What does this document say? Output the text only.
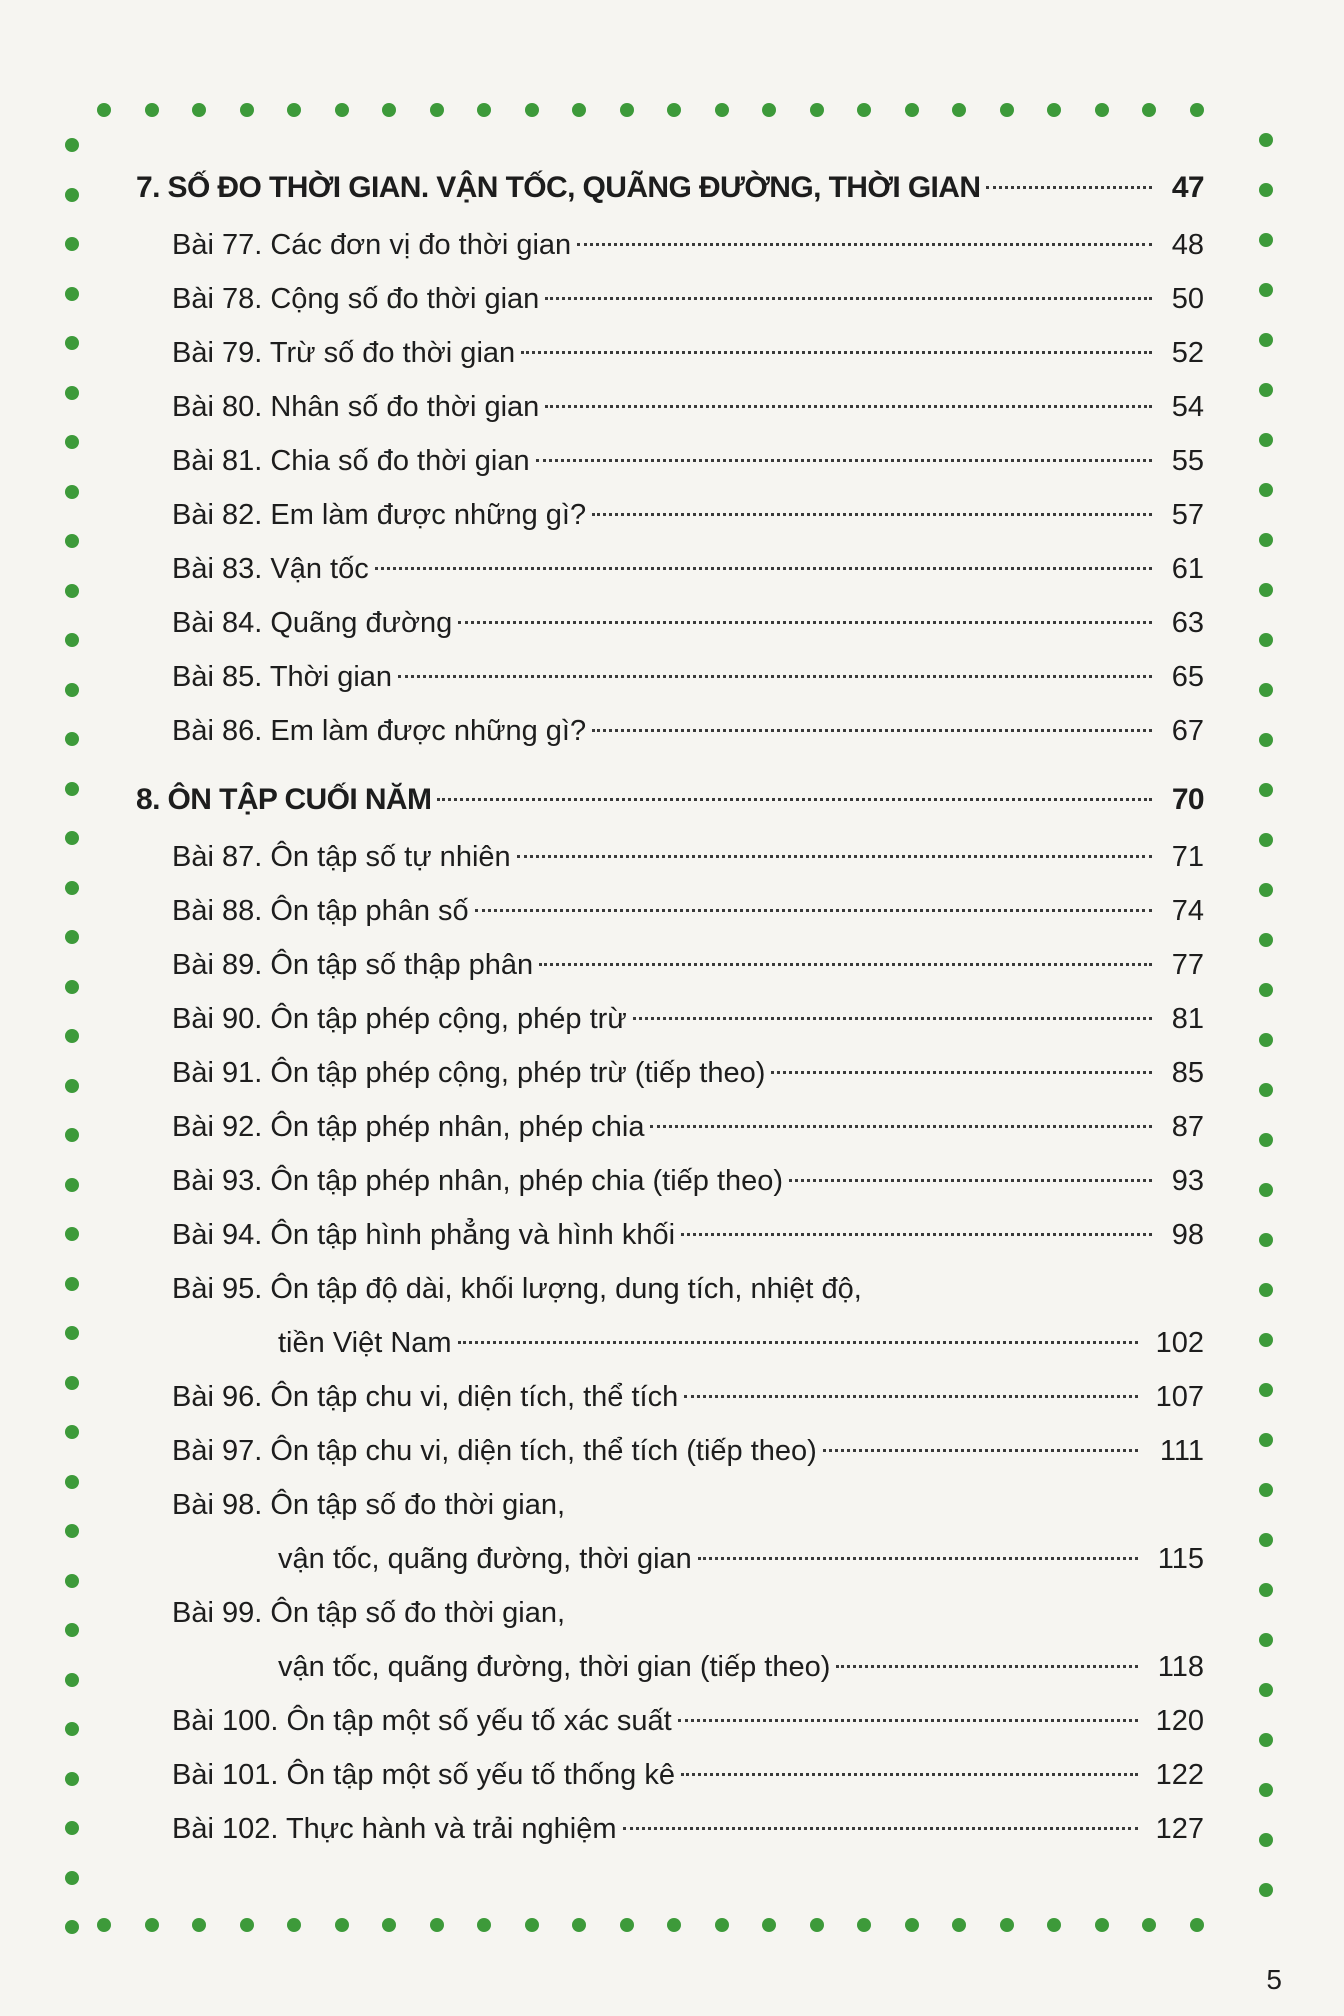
7. SỐ ĐO THỜI GIAN. VẬN TỐC, QUÃNG ĐƯỜNG, THỜI GIAN	47
Bài 77. Các đơn vị đo thời gian	48
Bài 78. Cộng số đo thời gian	50
Bài 79. Trừ số đo thời gian	52
Bài 80. Nhân số đo thời gian	54
Bài 81. Chia số đo thời gian	55
Bài 82. Em làm được những gì?	57
Bài 83. Vận tốc	61
Bài 84. Quãng đường	63
Bài 85. Thời gian	65
Bài 86. Em làm được những gì?	67
8. ÔN TẬP CUỐI NĂM	70
Bài 87. Ôn tập số tự nhiên	71
Bài 88. Ôn tập phân số	74
Bài 89. Ôn tập số thập phân	77
Bài 90. Ôn tập phép cộng, phép trừ	81
Bài 91. Ôn tập phép cộng, phép trừ (tiếp theo)	85
Bài 92. Ôn tập phép nhân, phép chia	87
Bài 93. Ôn tập phép nhân, phép chia (tiếp theo)	93
Bài 94. Ôn tập hình phẳng và hình khối	98
Bài 95. Ôn tập độ dài, khối lượng, dung tích, nhiệt độ,
tiền Việt Nam	102
Bài 96. Ôn tập chu vi, diện tích, thể tích	107
Bài 97. Ôn tập chu vi, diện tích, thể tích (tiếp theo)	111
Bài 98. Ôn tập số đo thời gian,
vận tốc, quãng đường, thời gian	115
Bài 99. Ôn tập số đo thời gian,
vận tốc, quãng đường, thời gian (tiếp theo)	118
Bài 100. Ôn tập một số yếu tố xác suất	120
Bài 101. Ôn tập một số yếu tố thống kê	122
Bài 102. Thực hành và trải nghiệm	127
5
